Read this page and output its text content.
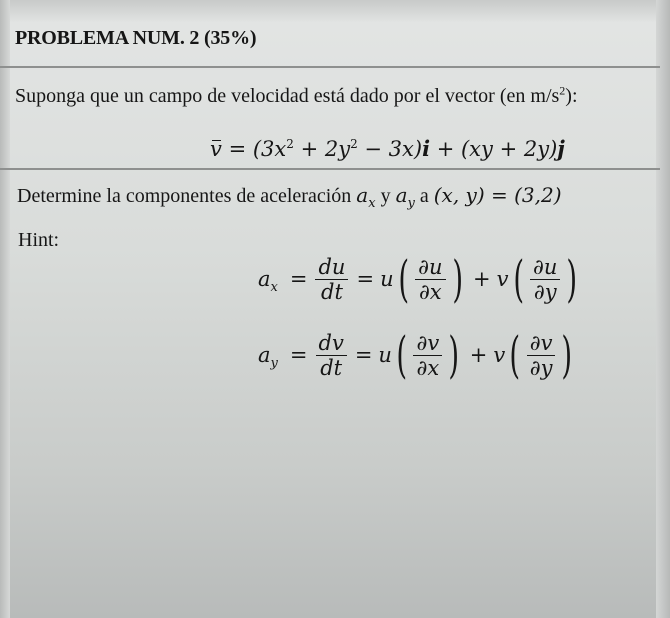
PROBLEMA NUM. 2 (35%)
Suponga que un campo de velocidad está dado por el vector (en $m/s^2$):
$v = (3x^2 + 2y^2 - 3x)i + (xy + 2y)j$
Determine la componentes de aceleración $a_x$ y $a_y$ a (x, y) = (3,2)
Hint:
$a_x = \frac{du}{dt} = u$ ( $\frac{\partial u}{\partial x}$ ) + v ( $\frac{\partial u}{\partial y}$ )
$a_y = \frac{dv}{dt} = u$ ( $\frac{\partial v}{\partial x}$ ) + v ( $\frac{\partial v}{\partial y}$ )
